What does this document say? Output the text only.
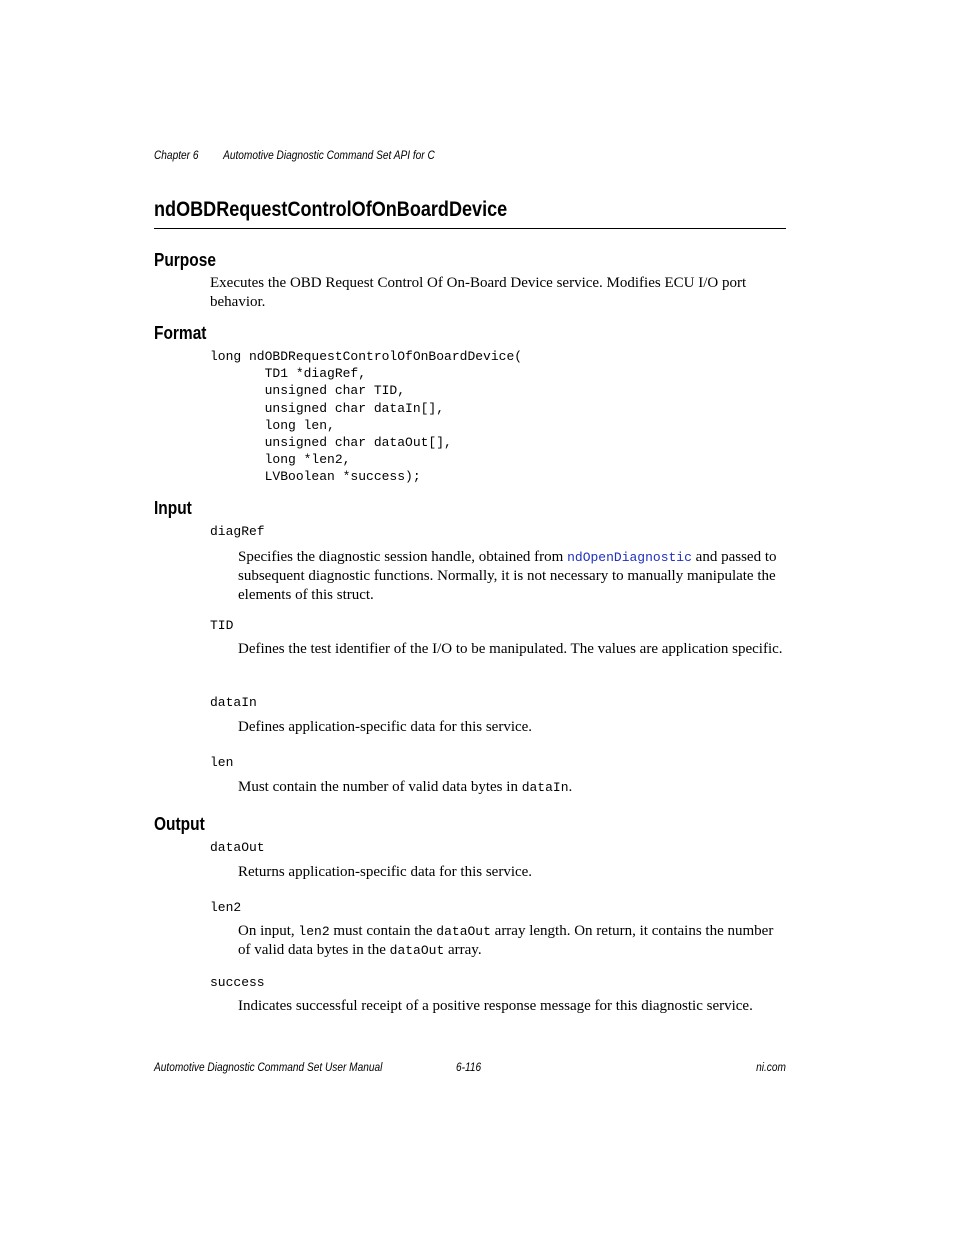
Chapter 6 Automotive Diagnostic Command Set API for C
ndOBDRequestControlOfOnBoardDevice
Purpose

Executes the OBD Request Control Of On-Board Device service. Modifies ECU I/O port behavior.

Format
long ndOBDRequestControlOfOnBoardDevice(
TD1 *diagRef,
unsigned char TID,
unsigned char dataIn[],
long len,
unsigned char dataOut[],
long *len2,
LVBoolean *success);
Input
diagRef

Specifies the diagnostic session handle, obtained from ndOpenDiagnostic and passed to subsequent diagnostic functions. Normally, it is not necessary to manually manipulate the elements of this struct.

TID

Defines the test identifier of the I/O to be manipulated. The values are application specific.

dataIn

Defines application-specific data for this service.

len

Must contain the number of valid data bytes in dataIn.

Output
dataOut

Returns application-specific data for this service.

len2

On input, len2 must contain the dataOut array length. On return, it contains the number of valid data bytes in the dataOut array.

success

Indicates successful receipt of a positive response message for this diagnostic service.

Automotive Diagnostic Command Set User Manual	6-116	ni.com
